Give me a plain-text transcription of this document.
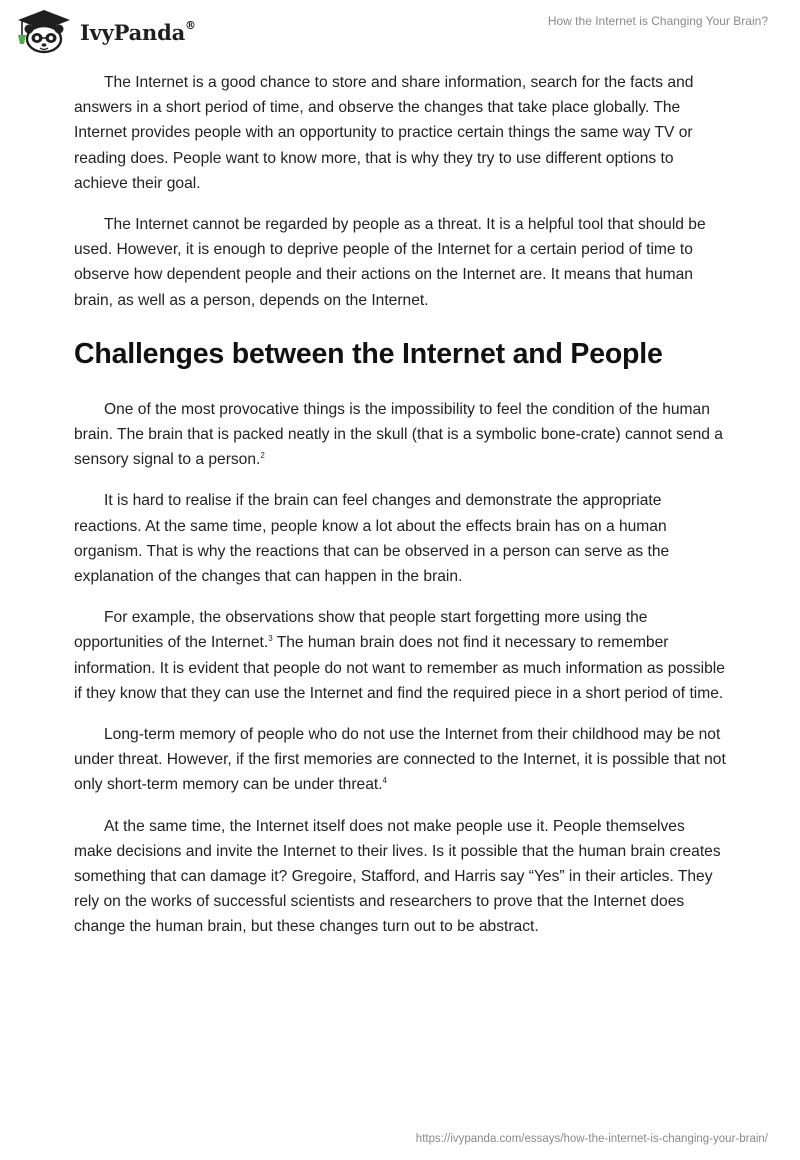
IvyPanda®	How the Internet is Changing Your Brain?

The Internet is a good chance to store and share information, search for the facts and answers in a short period of time, and observe the changes that take place globally. The Internet provides people with an opportunity to practice certain things the same way TV or reading does. People want to know more, that is why they try to use different options to achieve their goal.

The Internet cannot be regarded by people as a threat. It is a helpful tool that should be used. However, it is enough to deprive people of the Internet for a certain period of time to observe how dependent people and their actions on the Internet are. It means that human brain, as well as a person, depends on the Internet.

Challenges between the Internet and People

One of the most provocative things is the impossibility to feel the condition of the human brain. The brain that is packed neatly in the skull (that is a symbolic bone-crate) cannot send a sensory signal to a person.$^2$

It is hard to realise if the brain can feel changes and demonstrate the appropriate reactions. At the same time, people know a lot about the effects brain has on a human organism. That is why the reactions that can be observed in a person can serve as the explanation of the changes that can happen in the brain.

For example, the observations show that people start forgetting more using the opportunities of the Internet.$^3$ The human brain does not find it necessary to remember information. It is evident that people do not want to remember as much information as possible if they know that they can use the Internet and find the required piece in a short period of time.

Long-term memory of people who do not use the Internet from their childhood may be not under threat. However, if the first memories are connected to the Internet, it is possible that not only short-term memory can be under threat.$^4$

At the same time, the Internet itself does not make people use it. People themselves make decisions and invite the Internet to their lives. Is it possible that the human brain creates something that can damage it? Gregoire, Stafford, and Harris say “Yes” in their articles. They rely on the works of successful scientists and researchers to prove that the Internet does change the human brain, but these changes turn out to be abstract.

https://ivypanda.com/essays/how-the-internet-is-changing-your-brain/
